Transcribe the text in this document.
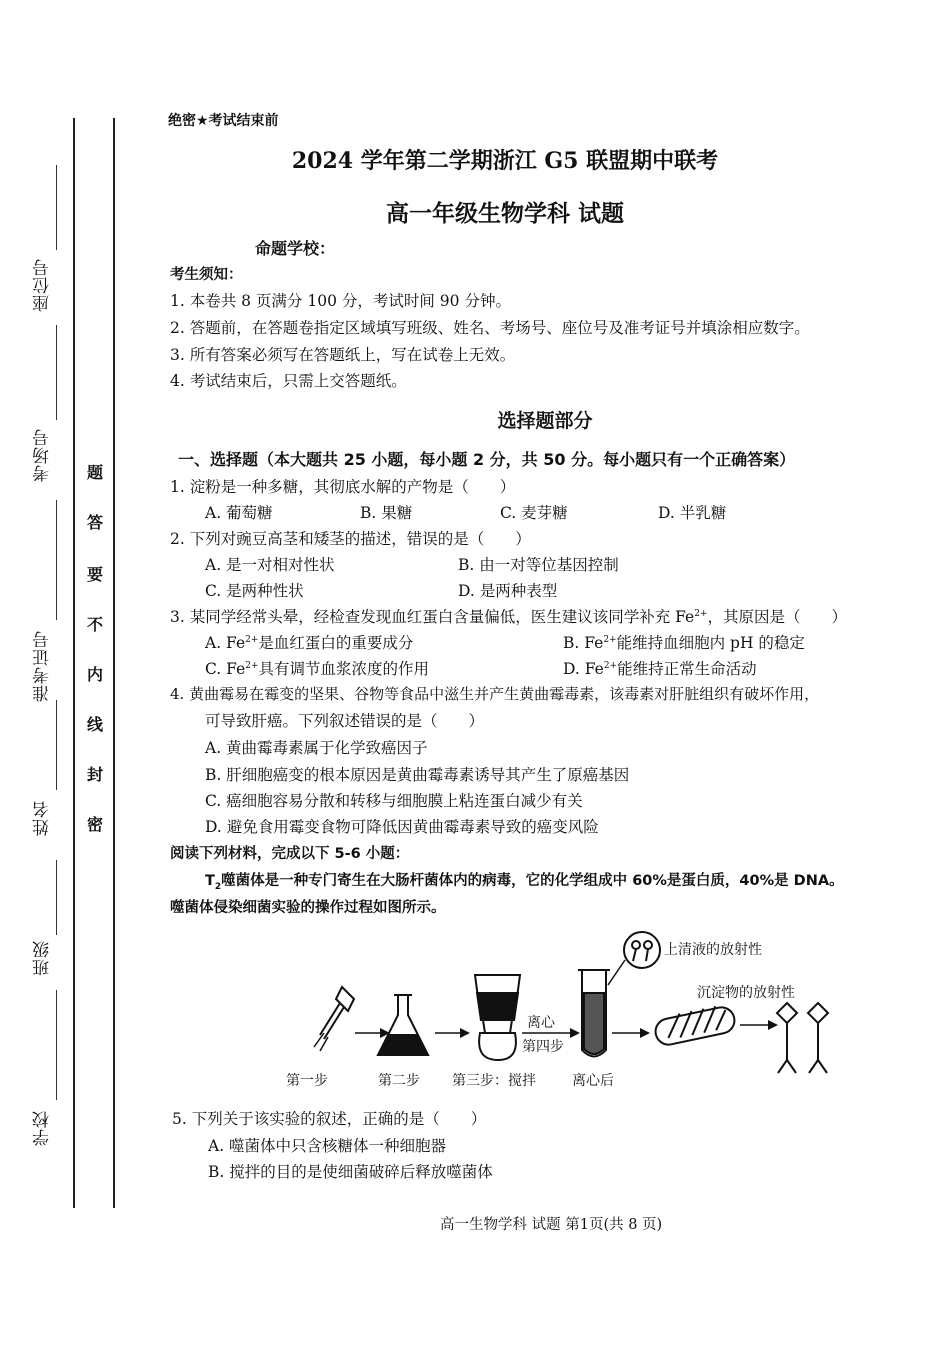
座位号
考场号
准考证号
姓名
班级
学校
题
答
要
不
内
线
封
密
绝密★考试结束前
2024 学年第二学期浙江 G5 联盟期中联考
高一年级生物学科 试题
命题学校：
考生须知：
1. 本卷共 8 页满分 100 分，考试时间 90 分钟。
2. 答题前，在答题卷指定区域填写班级、姓名、考场号、座位号及准考证号并填涂相应数字。
3. 所有答案必须写在答题纸上，写在试卷上无效。
4. 考试结束后，只需上交答题纸。
选择题部分
一、选择题（本大题共 25 小题，每小题 2 分，共 50 分。每小题只有一个正确答案）
1. 淀粉是一种多糖，其彻底水解的产物是（　　）
A. 葡萄糖	B. 果糖	C. 麦芽糖	D. 半乳糖
2. 下列对豌豆高茎和矮茎的描述，错误的是（　　）
A. 是一对相对性状	B. 由一对等位基因控制
C. 是两种性状	D. 是两种表型
3. 某同学经常头晕，经检查发现血红蛋白含量偏低，医生建议该同学补充 $Fe^{2+}$，其原因是（　　）
A. $Fe^{2+}$是血红蛋白的重要成分	B. $Fe^{2+}$能维持血细胞内 pH 的稳定
C. $Fe^{2+}$具有调节血浆浓度的作用	D. $Fe^{2+}$能维持正常生命活动
4. 黄曲霉易在霉变的坚果、谷物等食品中滋生并产生黄曲霉毒素，该毒素对肝脏组织有破坏作用，
可导致肝癌。下列叙述错误的是（　　）
A. 黄曲霉毒素属于化学致癌因子
B. 肝细胞癌变的根本原因是黄曲霉毒素诱导其产生了原癌基因
C. 癌细胞容易分散和转移与细胞膜上粘连蛋白减少有关
D. 避免食用霉变食物可降低因黄曲霉毒素导致的癌变风险
阅读下列材料，完成以下 5-6 小题：
$T_2$噬菌体是一种专门寄生在大肠杆菌体内的病毒，它的化学组成中 60%是蛋白质，40%是 DNA。
噬菌体侵染细菌实验的操作过程如图所示。
第一步	第二步 第三步：搅拌
离心
第四步
离心后
上清液的放射性
沉淀物的放射性
5. 下列关于该实验的叙述，正确的是（　　）
A. 噬菌体中只含核糖体一种细胞器
B. 搅拌的目的是使细菌破碎后释放噬菌体
高一生物学科 试题 第1页(共 8 页)
